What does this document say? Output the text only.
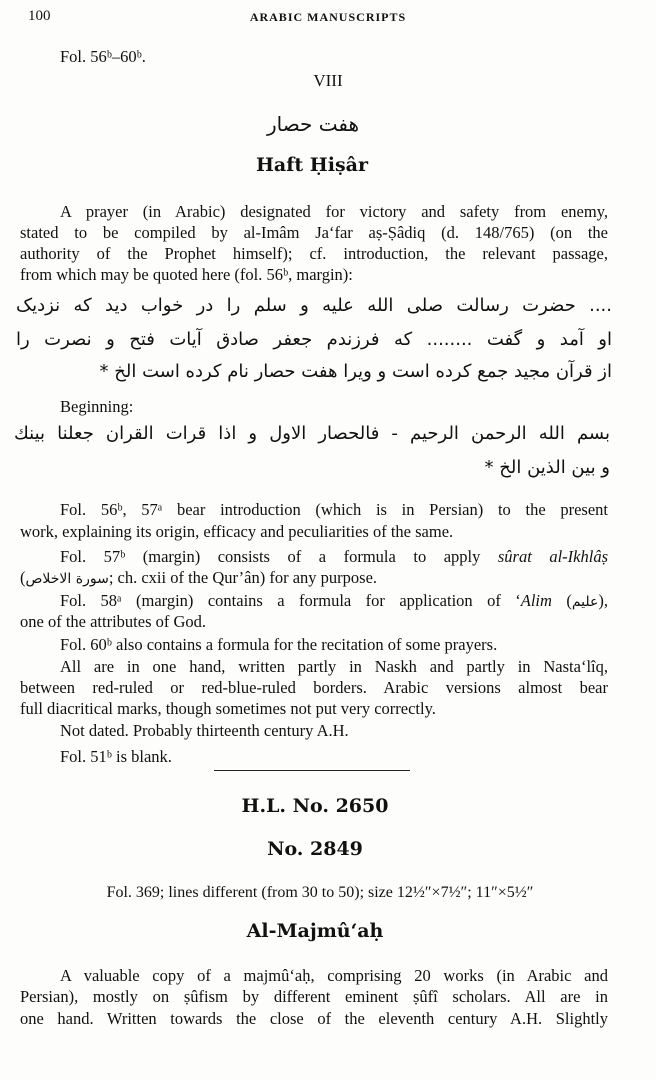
100	ARABIC MANUSCRIPTS
Fol. 56ᵇ–60ᵇ.
VIII
هفت حصار
Haft Ḥiṣâr
A prayer (in Arabic) designated for victory and safety from enemy,
stated to be compiled by al-Imâm Ja‘far aṣ-Ṣâdiq (d. 148/765) (on the
authority of the Prophet himself); cf. introduction, the relevant passage,
from which may be quoted here (fol. 56ᵇ, margin):
.... حضرت رسالت صلی الله علیه و سلم را در خواب دید که نزدیک
او آمد و گفت ........ که فرزندم جعفر صادق آیات فتح و نصرت را
از قرآن مجید جمع کرده است و ویرا هفت حصار نام کرده است الخ *
Beginning:
بسم الله الرحمن الرحیم - فالحصار الاول و اذا قرات القران جعلنا بینك
و بین الذین الخ *
Fol. 56ᵇ, 57ᵃ bear introduction (which is in Persian) to the present
work, explaining its origin, efficacy and peculiarities of the same.
Fol. 57ᵇ (margin) consists of a formula to apply sûrat al-Ikhlâṣ
(سورة الاخلاص; ch. cxii of the Qur’ân) for any purpose.
Fol. 58ᵃ (margin) contains a formula for application of ‘Alim (علیم),
one of the attributes of God.
Fol. 60ᵇ also contains a formula for the recitation of some prayers.
All are in one hand, written partly in Naskh and partly in Nasta‘lîq,
between red-ruled or red-blue-ruled borders. Arabic versions almost bear
full diacritical marks, though sometimes not put very correctly.
Not dated. Probably thirteenth century A.H.
Fol. 51ᵇ is blank.
H.L. No. 2650
No. 2849
Fol. 369; lines different (from 30 to 50); size 12½″×7½″; 11″×5½″
Al-Majmû‘aḥ
A valuable copy of a majmû‘aḥ, comprising 20 works (in Arabic and
Persian), mostly on ṣûfism by different eminent ṣûfî scholars. All are in
one hand. Written towards the close of the eleventh century A.H. Slightly
